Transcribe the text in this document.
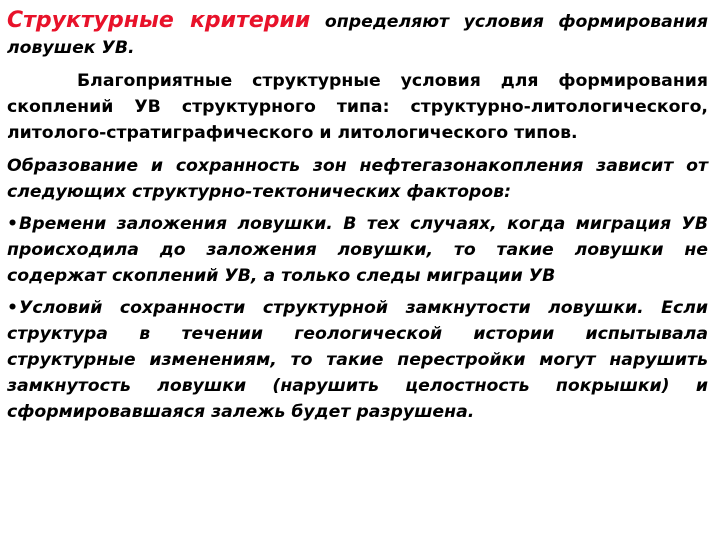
Структурные критерии определяют условия формирования ловушек УВ.

Благоприятные структурные условия для формирования скоплений УВ структурного типа: структурно-литологического, литолого-стратиграфического и литологического типов.

Образование и сохранность зон нефтегазонакопления зависит от следующих структурно-тектонических факторов:

•Времени заложения ловушки. В тех случаях, когда миграция УВ происходила до заложения ловушки, то такие ловушки не содержат скоплений УВ, а только следы миграции УВ

•Условий сохранности структурной замкнутости ловушки. Если структура в течении геологической истории испытывала структурные изменениям, то такие перестройки могут нарушить замкнутость ловушки (нарушить целостность покрышки) и сформировавшаяся залежь будет разрушена.
